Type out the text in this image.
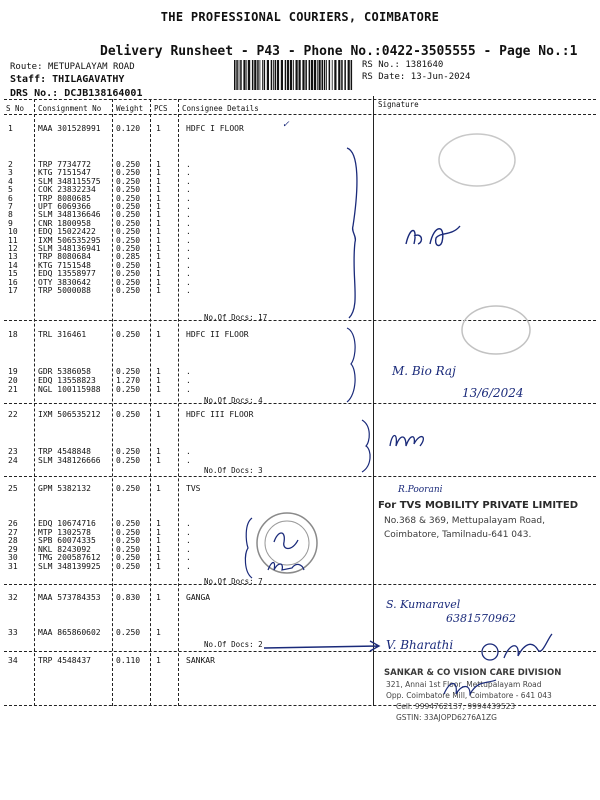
THE PROFESSIONAL COURIERS, COIMBATORE
Delivery Runsheet - P43 - Phone No.:0422-3505555 - Page No.:1
Route: METUPALAYAM ROAD
Staff: THILAGAVATHY
DRS No.: DCJB138164001
RS No.: 1381640
RS Date: 13-Jun-2024
S No Consignment No Weight PCS Consignee Details	Signature
1	MAA 301528991 0.120 1	HDFC I FLOOR
2	TRP 7734772	0.250 1	.
3	KTG 7151547	0.250 1	.
4	SLM 348115575 0.250 1	.
5	COK 23832234	0.250 1	.
6	TRP 8080685	0.250 1	.
7	UPT 6069366	0.250 1	.
8	SLM 348136646 0.250 1	.
9	CNR 1800958	0.250 1	.
10	EDQ 15022422	0.250 1	.
11	IXM 506535295 0.250 1	.
12	SLM 348136941 0.250 1	.
13	TRP 8080684	0.285 1	.
14	KTG 7151548	0.250 1	.
15	EDQ 13558977	0.250 1	.
16	OTY 3830642	0.250 1	.
17	TRP 5000088	0.250 1	.
No.Of Docs: 17
18	TRL 316461	0.250 1	HDFC II FLOOR
19	GDR 5386058	0.250 1	.
20	EDQ 13558823	1.270 1	.
21	NGL 100115988 0.250 1	.
No.Of Docs: 4
22	IXM 506535212 0.250 1	HDFC III FLOOR
23	TRP 4548848	0.250 1	.
24	SLM 348126666 0.250 1	.
No.Of Docs: 3
25	GPM 5382132	0.250 1	TVS
26	EDQ 10674716	0.250 1	.
27	MTP 1302578	0.250 1	.
28	SPB 60074335	0.250 1	.
29	NKL 8243092	0.250 1	.
30	TMG 200587612 0.250 1	.
31	SLM 348139925 0.250 1	.
No.Of Docs: 7
32	MAA 573784353 0.830 1	GANGA
33	MAA 865860602 0.250 1
No.Of Docs: 2
34	TRP 4548437	0.110 1	SANKAR
✓
M. Bio Raj
13/6/2024
R.Poorani
For TVS MOBILITY PRIVATE LIMITED
No.368 & 369, Mettupalayam Road,
Coimbatore, Tamilnadu-641 043.
S. Kumaravel
6381570962
V. Bharathi
SANKAR & CO VISION CARE DIVISION
321, Annai 1st Floor, Mettupalayam Road
Opp. Coimbatore Mill, Coimbatore - 641 043
Cell: 9994762137, 9994439523
GSTIN: 33AJOPD6276A1ZG
